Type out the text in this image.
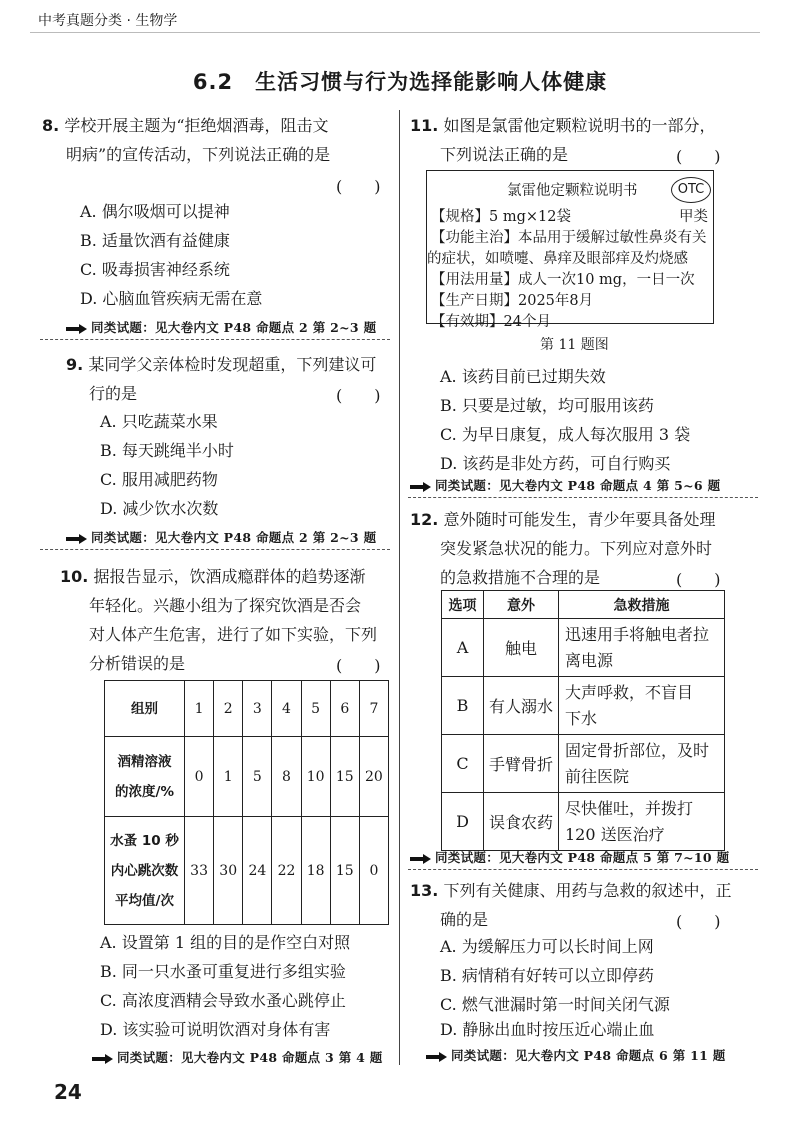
中考真题分类 · 生物学
6.2　生活习惯与行为选择能影响人体健康
8. 学校开展主题为“拒绝烟酒毒，阻击文
明病”的宣传活动，下列说法正确的是
(　　)
A. 偶尔吸烟可以提神
B. 适量饮酒有益健康
C. 吸毒损害神经系统
D. 心脑血管疾病无需在意
同类试题：见大卷内文 P48 命题点 2 第 2~3 题
9. 某同学父亲体检时发现超重，下列建议可
行的是	(　　)
A. 只吃蔬菜水果
B. 每天跳绳半小时
C. 服用减肥药物
D. 减少饮水次数
同类试题：见大卷内文 P48 命题点 2 第 2~3 题
10. 据报告显示，饮酒成瘾群体的趋势逐渐
年轻化。兴趣小组为了探究饮酒是否会
对人体产生危害，进行了如下实验，下列
分析错误的是	(　　)
组别	1	2	3	4	5	6	7

酒精溶液
的浓度/%	0	1	5	8	10	15	20

水蚤 10 秒
内心跳次数
平均值/次	33	30	24	22	18	15	0
A. 设置第 1 组的目的是作空白对照
B. 同一只水蚤可重复进行多组实验
C. 高浓度酒精会导致水蚤心跳停止
D. 该实验可说明饮酒对身体有害
同类试题：见大卷内文 P48 命题点 3 第 4 题
11. 如图是氯雷他定颗粒说明书的一部分，
下列说法正确的是	(　　)
氯雷他定颗粒说明书	OTC
甲类
【规格】5 mg×12袋
【功能主治】本品用于缓解过敏性鼻炎有关
的症状，如喷嚏、鼻痒及眼部痒及灼烧感
【用法用量】成人一次10 mg，一日一次
【生产日期】2025年8月
【有效期】24个月
第 11 题图
A. 该药目前已过期失效
B. 只要是过敏，均可服用该药
C. 为早日康复，成人每次服用 3 袋
D. 该药是非处方药，可自行购买
同类试题：见大卷内文 P48 命题点 4 第 5~6 题
12. 意外随时可能发生，青少年要具备处理
突发紧急状况的能力。下列应对意外时
的急救措施不合理的是	(　　)
选项	意外	急救措施
A	触电	迅速用手将触电者拉
离电源

B	有人溺水	大声呼救，不盲目
下水

C	手臂骨折	固定骨折部位，及时
前往医院

D	误食农药	尽快催吐，并拨打
120 送医治疗
同类试题：见大卷内文 P48 命题点 5 第 7~10 题
13. 下列有关健康、用药与急救的叙述中，正
确的是	(　　)
A. 为缓解压力可以长时间上网
B. 病情稍有好转可以立即停药
C. 燃气泄漏时第一时间关闭气源
D. 静脉出血时按压近心端止血
同类试题：见大卷内文 P48 命题点 6 第 11 题
24
